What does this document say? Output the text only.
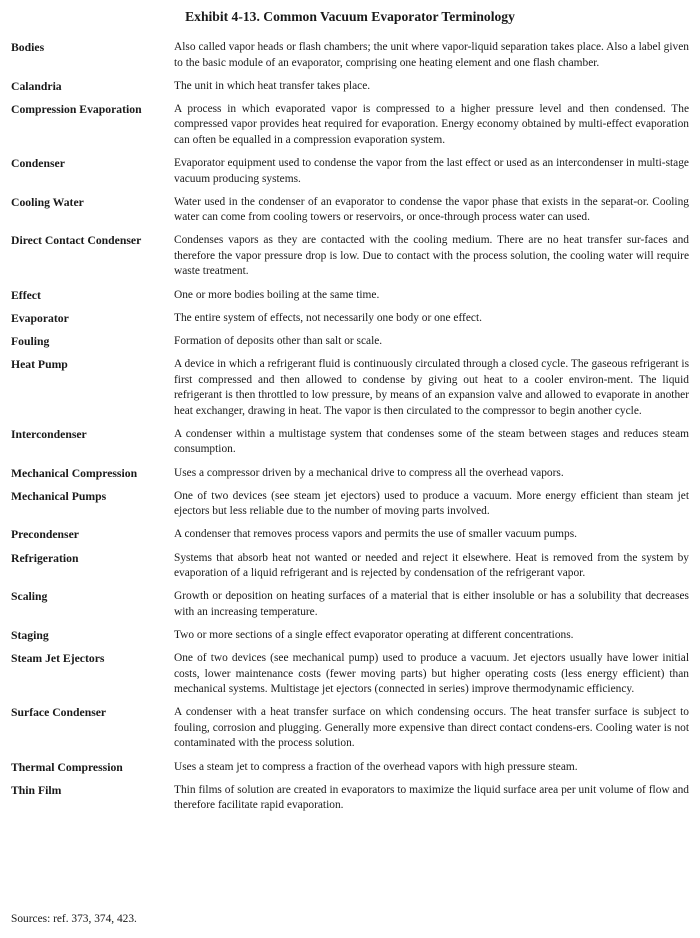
Exhibit 4-13. Common Vacuum Evaporator Terminology
Bodies	Also called vapor heads or flash chambers; the unit where vapor-liquid separation takes place. Also a label given to the basic module of an evaporator, comprising one heating element and one flash chamber.
Calandria	The unit in which heat transfer takes place.
Compression Evaporation	A process in which evaporated vapor is compressed to a higher pressure level and then condensed. The compressed vapor provides heat required for evaporation. Energy economy obtained by multi-effect evaporation can often be equalled in a compression evaporation system.
Condenser	Evaporator equipment used to condense the vapor from the last effect or used as an intercondenser in multi-stage vacuum producing systems.
Cooling Water	Water used in the condenser of an evaporator to condense the vapor phase that exists in the separat-or. Cooling water can come from cooling towers or reservoirs, or once-through process water can used.
Direct Contact Condenser	Condenses vapors as they are contacted with the cooling medium. There are no heat transfer sur-faces and therefore the vapor pressure drop is low. Due to contact with the process solution, the cooling water will require waste treatment.
Effect	One or more bodies boiling at the same time.
Evaporator	The entire system of effects, not necessarily one body or one effect.
Fouling	Formation of deposits other than salt or scale.
Heat Pump	A device in which a refrigerant fluid is continuously circulated through a closed cycle. The gaseous refrigerant is first compressed and then allowed to condense by giving out heat to a cooler environ-ment. The liquid refrigerant is then throttled to low pressure, by means of an expansion valve and allowed to evaporate in another heat exchanger, drawing in heat. The vapor is then circulated to the compressor to begin another cycle.
Intercondenser	A condenser within a multistage system that condenses some of the steam between stages and reduces steam consumption.
Mechanical Compression	Uses a compressor driven by a mechanical drive to compress all the overhead vapors.
Mechanical Pumps	One of two devices (see steam jet ejectors) used to produce a vacuum. More energy efficient than steam jet ejectors but less reliable due to the number of moving parts involved.
Precondenser	A condenser that removes process vapors and permits the use of smaller vacuum pumps.
Refrigeration	Systems that absorb heat not wanted or needed and reject it elsewhere. Heat is removed from the system by evaporation of a liquid refrigerant and is rejected by condensation of the refrigerant vapor.
Scaling	Growth or deposition on heating surfaces of a material that is either insoluble or has a solubility that decreases with an increasing temperature.
Staging	Two or more sections of a single effect evaporator operating at different concentrations.
Steam Jet Ejectors	One of two devices (see mechanical pump) used to produce a vacuum. Jet ejectors usually have lower initial costs, lower maintenance costs (fewer moving parts) but higher operating costs (less energy efficient) than mechanical systems. Multistage jet ejectors (connected in series) improve thermodynamic efficiency.
Surface Condenser	A condenser with a heat transfer surface on which condensing occurs. The heat transfer surface is subject to fouling, corrosion and plugging. Generally more expensive than direct contact condens-ers. Cooling water is not contaminated with the process solution.
Thermal Compression	Uses a steam jet to compress a fraction of the overhead vapors with high pressure steam.
Thin Film	Thin films of solution are created in evaporators to maximize the liquid surface area per unit volume of flow and therefore facilitate rapid evaporation.
Sources: ref. 373, 374, 423.
